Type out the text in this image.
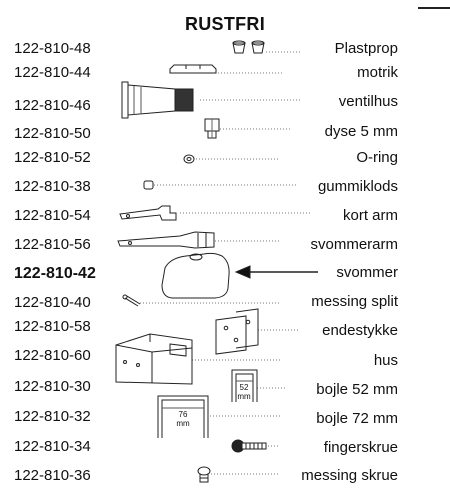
RUSTFRI
122-810-48
122-810-44
122-810-46
122-810-50
122-810-52
122-810-38
122-810-54
122-810-56
122-810-42
122-810-40
122-810-58
122-810-60
122-810-30
122-810-32
122-810-34
122-810-36
Plastprop
motrik
ventilhus
dyse 5 mm
O-ring
gummiklods
kort arm
svommerarm
svommer
messing split
endestykke
hus
bojle 52 mm
bojle 72 mm
fingerskrue
messing skrue
52
mm
76
mm
